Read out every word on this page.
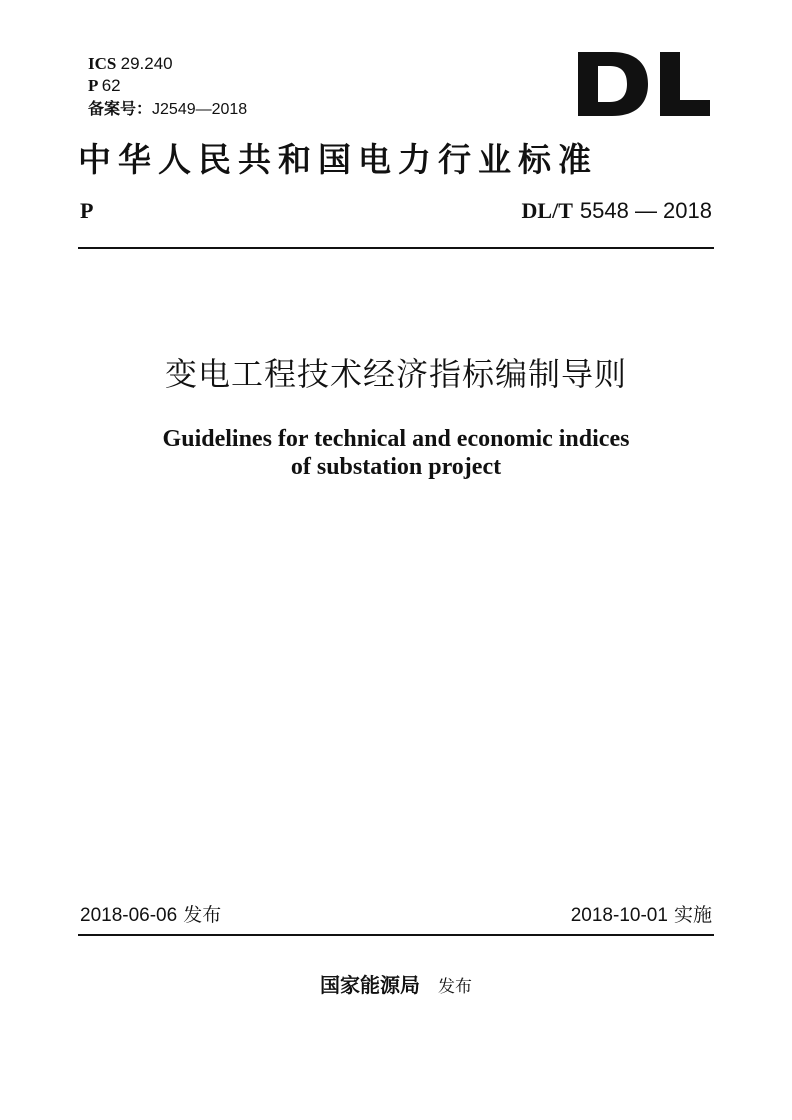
ICS 29.240
P 62
备案号：J2549—2018
中华人民共和国电力行业标准
P	DL/T 5548 — 2018
变电工程技术经济指标编制导则
Guidelines for technical and economic indices
of substation project
2018-06-06 发布	2018-10-01 实施
国家能源局 发布
